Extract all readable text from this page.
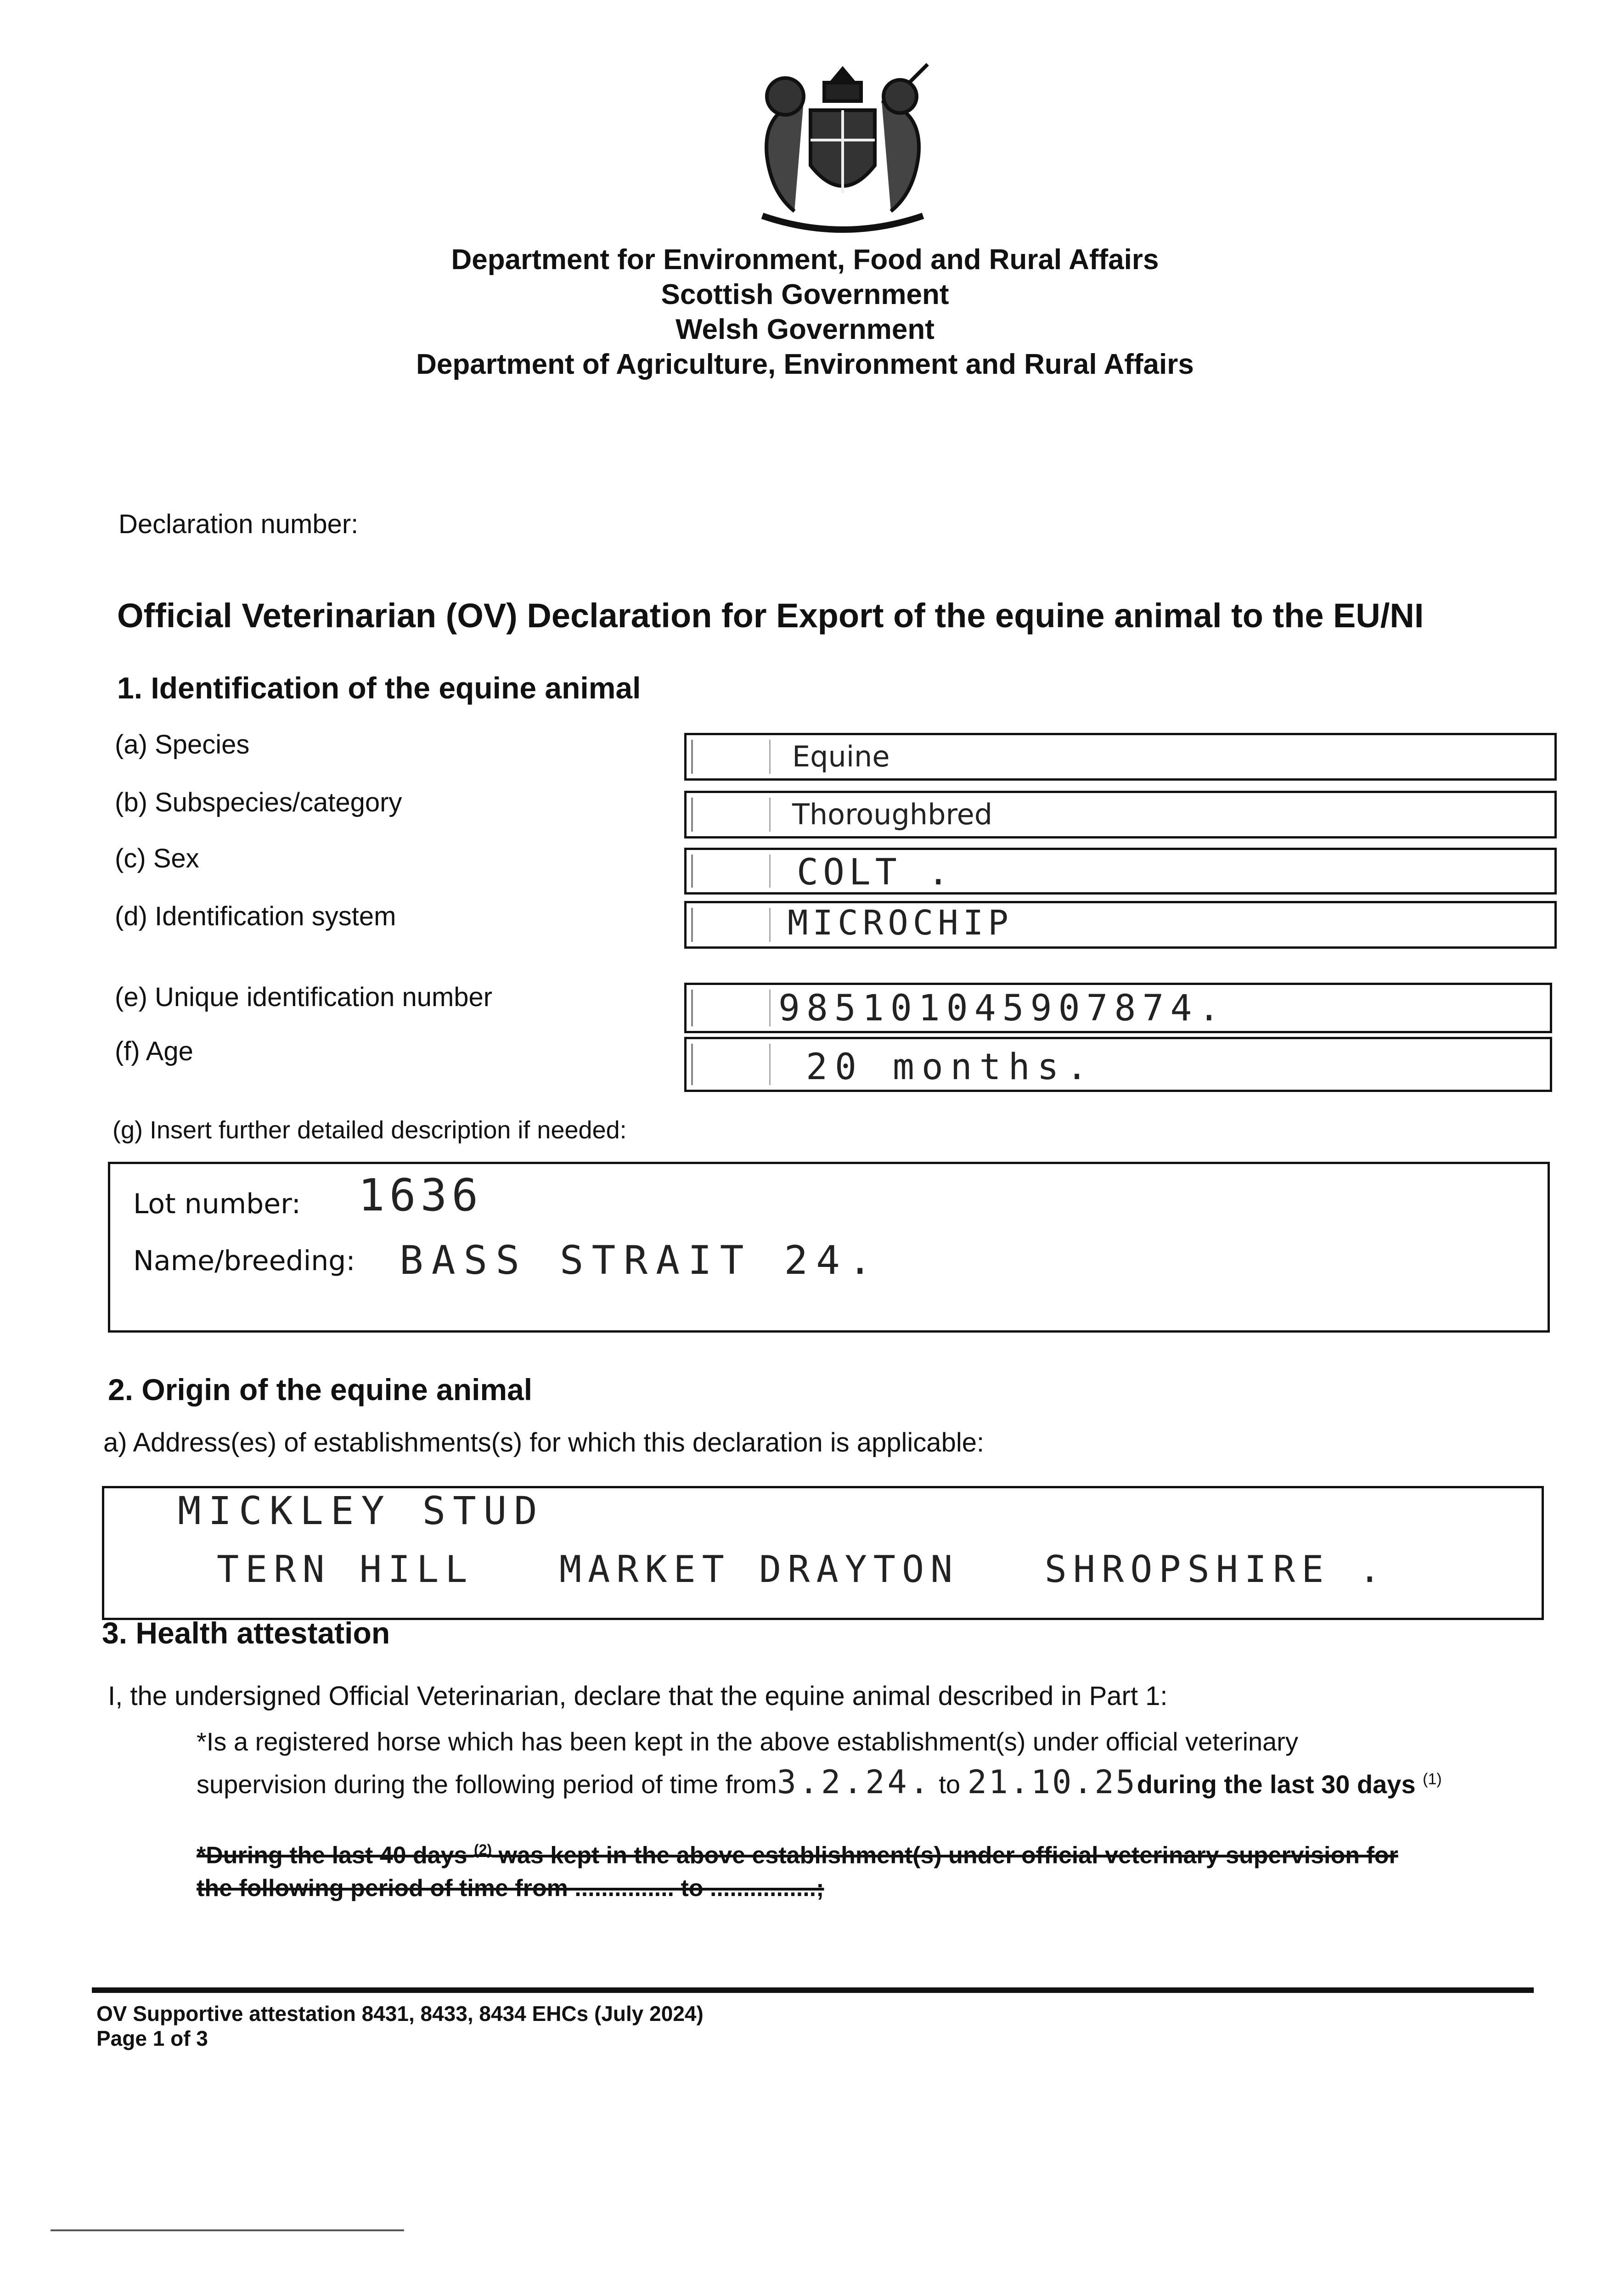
Department for Environment, Food and Rural Affairs
Scottish Government
Welsh Government
Department of Agriculture, Environment and Rural Affairs
Declaration number:
Official Veterinarian (OV) Declaration for Export of the equine animal to the EU/NI
1. Identification of the equine animal
(a) Species	Equine
(b) Subspecies/category	Thoroughbred
(c) Sex	COLT .
(d) Identification system	MICROCHIP
(e) Unique identification number	985101045907874.
(f) Age	20 months.
(g) Insert further detailed description if needed:
Lot number: 1636
Name/breeding: BASS STRAIT 24.
2. Origin of the equine animal
a) Address(es) of establishments(s) for which this declaration is applicable:
MICKLEY STUD
TERN HILL   MARKET DRAYTON   SHROPSHIRE .
3. Health attestation
I, the undersigned Official Veterinarian, declare that the equine animal described in Part 1:
*Is a registered horse which has been kept in the above establishment(s) under official veterinary
supervision during the following period of time from3.2.24. to 21.10.25during the last 30 days $^{(1)}$
*During the last 40 days $^{(2)}$ was kept in the above establishment(s) under official veterinary supervision for
the following period of time from ............... to ................;
OV Supportive attestation 8431, 8433, 8434 EHCs (July 2024)
Page 1 of 3
